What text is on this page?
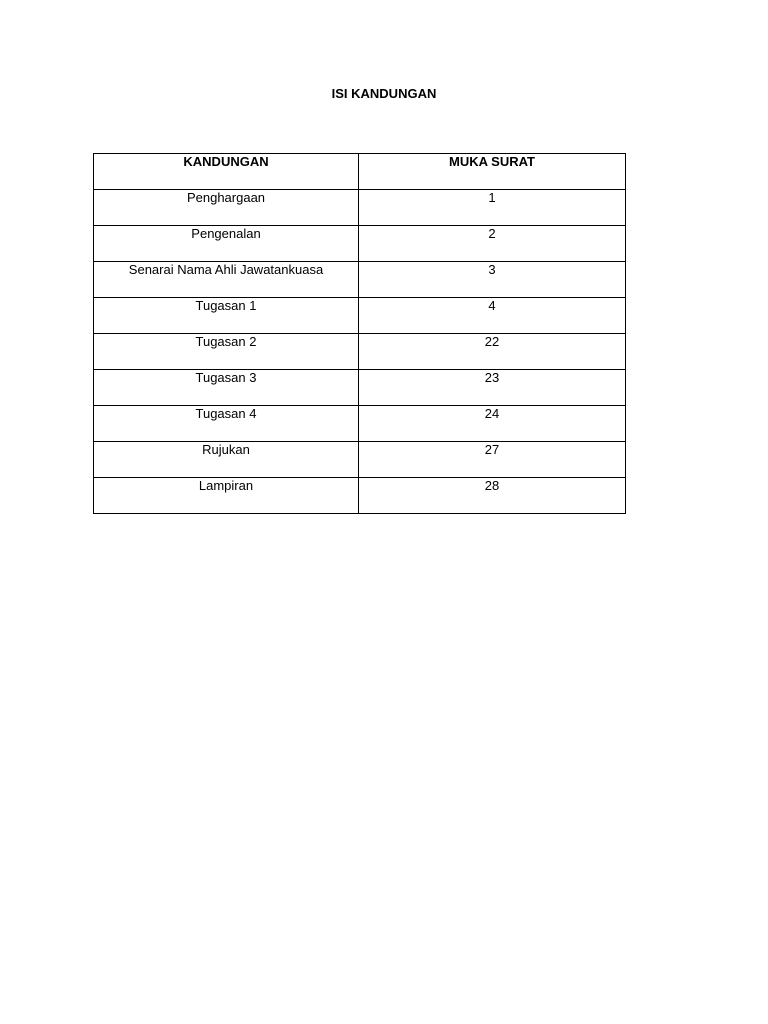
ISI KANDUNGAN
KANDUNGAN	MUKA SURAT

Penghargaan	1

Pengenalan	2

Senarai Nama Ahli Jawatankuasa	3

Tugasan 1	4

Tugasan 2	22

Tugasan 3	23

Tugasan 4	24

Rujukan	27

Lampiran	28
